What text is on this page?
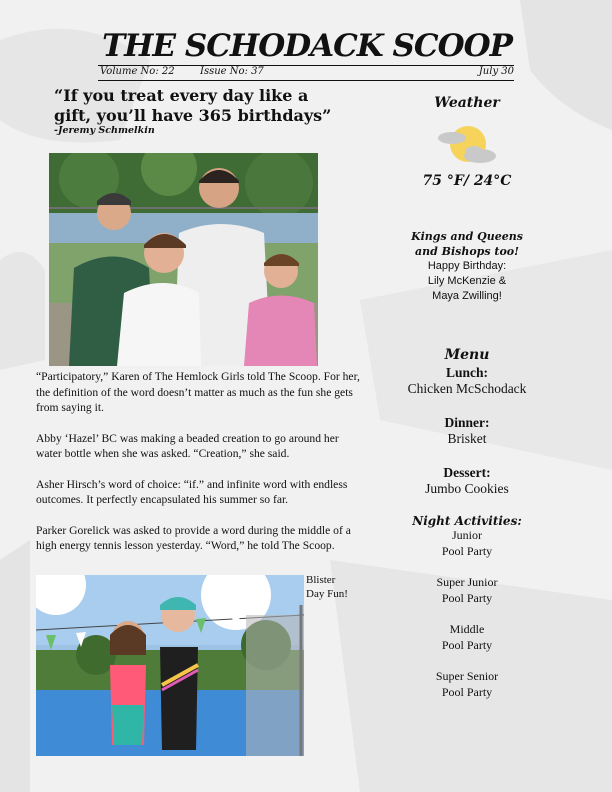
THE SCHODACK SCOOP
Volume No: 22	Issue No: 37	July 30
“If you treat every day like a gift, you’ll have 365 birthdays”
-Jeremy Schmelkin

“Participatory,” Karen of The Hemlock Girls told The Scoop. For her, the definition of the word doesn’t matter as much as the fun she gets from saying it.

Abby ‘Hazel’ BC was making a beaded creation to go around her water bottle when she was asked. “Creation,” she said.

Asher Hirsch’s word of choice: “if.” and infinite word with endless outcomes. It perfectly encapsulated his summer so far.

Parker Gorelick was asked to provide a word during the middle of a high energy tennis lesson yesterday. “Word,” he told The Scoop.

Blister Day Fun!
Weather
75 °F/ 24°C
Kings and Queens and Bishops too!
Happy Birthday:
Lily McKenzie &
Maya Zwilling!
Menu
Lunch:
Chicken McSchodack
Dinner:
Brisket
Dessert:
Jumbo Cookies
Night Activities:
Junior
Pool Party
Super Junior
Pool Party
Middle
Pool Party
Super Senior
Pool Party
